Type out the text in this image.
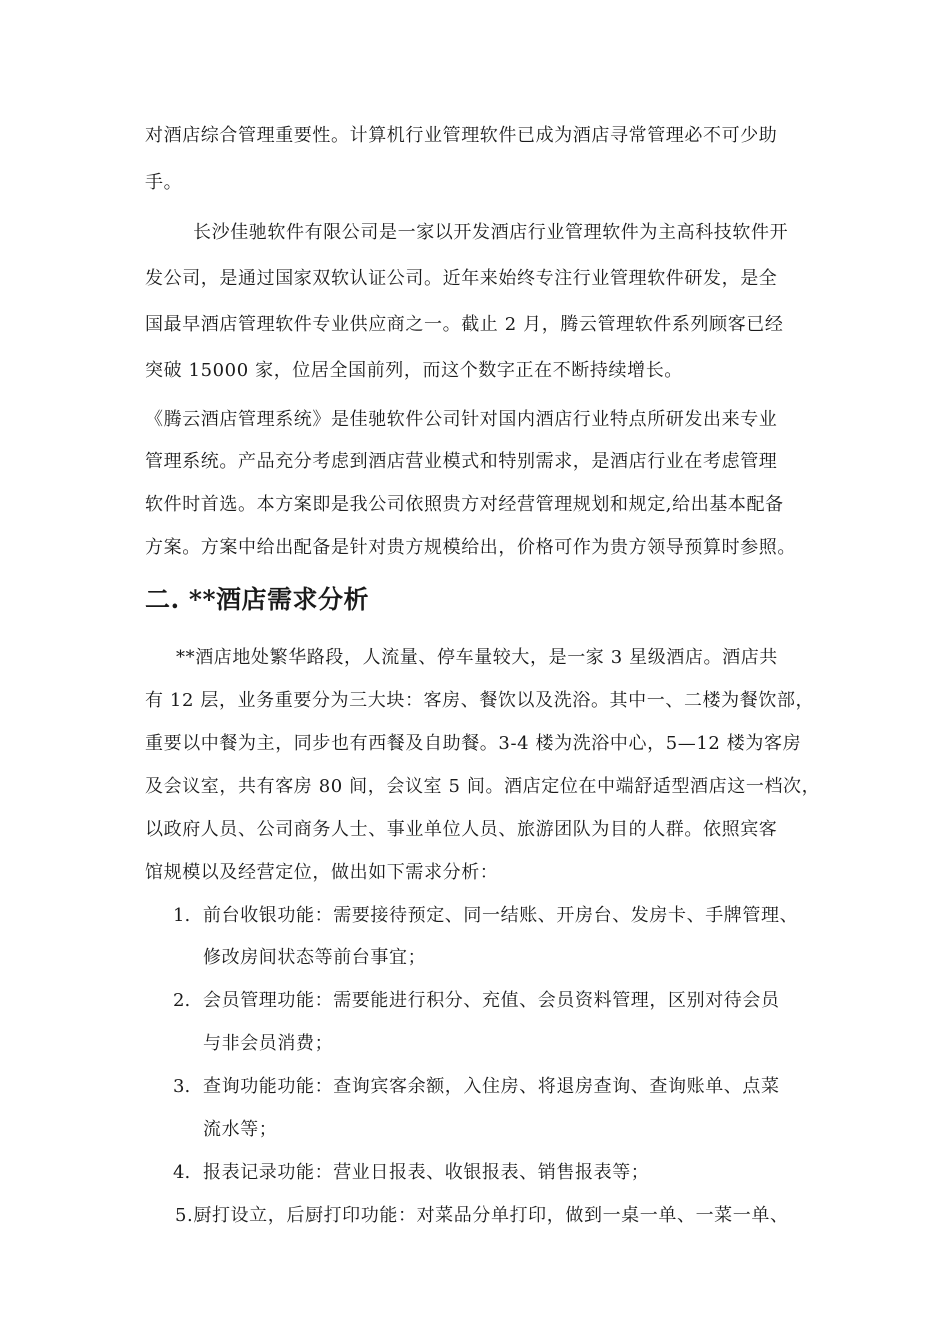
对酒店综合管理重要性。计算机行业管理软件已成为酒店寻常管理必不可少助
手。
长沙佳驰软件有限公司是一家以开发酒店行业管理软件为主高科技软件开
发公司，是通过国家双软认证公司。近年来始终专注行业管理软件研发，是全
国最早酒店管理软件专业供应商之一。截止 2 月，腾云管理软件系列顾客已经
突破 15000 家，位居全国前列，而这个数字正在不断持续增长。
《腾云酒店管理系统》是佳驰软件公司针对国内酒店行业特点所研发出来专业
管理系统。产品充分考虑到酒店营业模式和特别需求，是酒店行业在考虑管理
软件时首选。本方案即是我公司依照贵方对经营管理规划和规定,给出基本配备
方案。方案中给出配备是针对贵方规模给出，价格可作为贵方领导预算时参照。
二. **酒店需求分析
**酒店地处繁华路段，人流量、停车量较大，是一家 3 星级酒店。酒店共
有 12 层，业务重要分为三大块：客房、餐饮以及洗浴。其中一、二楼为餐饮部，
重要以中餐为主，同步也有西餐及自助餐。3-4 楼为洗浴中心，5—12 楼为客房
及会议室，共有客房 80 间，会议室 5 间。酒店定位在中端舒适型酒店这一档次，
以政府人员、公司商务人士、事业单位人员、旅游团队为目的人群。依照宾客
馆规模以及经营定位，做出如下需求分析：
1. 前台收银功能：需要接待预定、同一结账、开房台、发房卡、手牌管理、
修改房间状态等前台事宜；
2. 会员管理功能：需要能进行积分、充值、会员资料管理，区别对待会员
与非会员消费；
3. 查询功能功能：查询宾客余额，入住房、将退房查询、查询账单、点菜
流水等；
4. 报表记录功能：营业日报表、收银报表、销售报表等；
5.厨打设立，后厨打印功能：对菜品分单打印，做到一桌一单、一菜一单、
